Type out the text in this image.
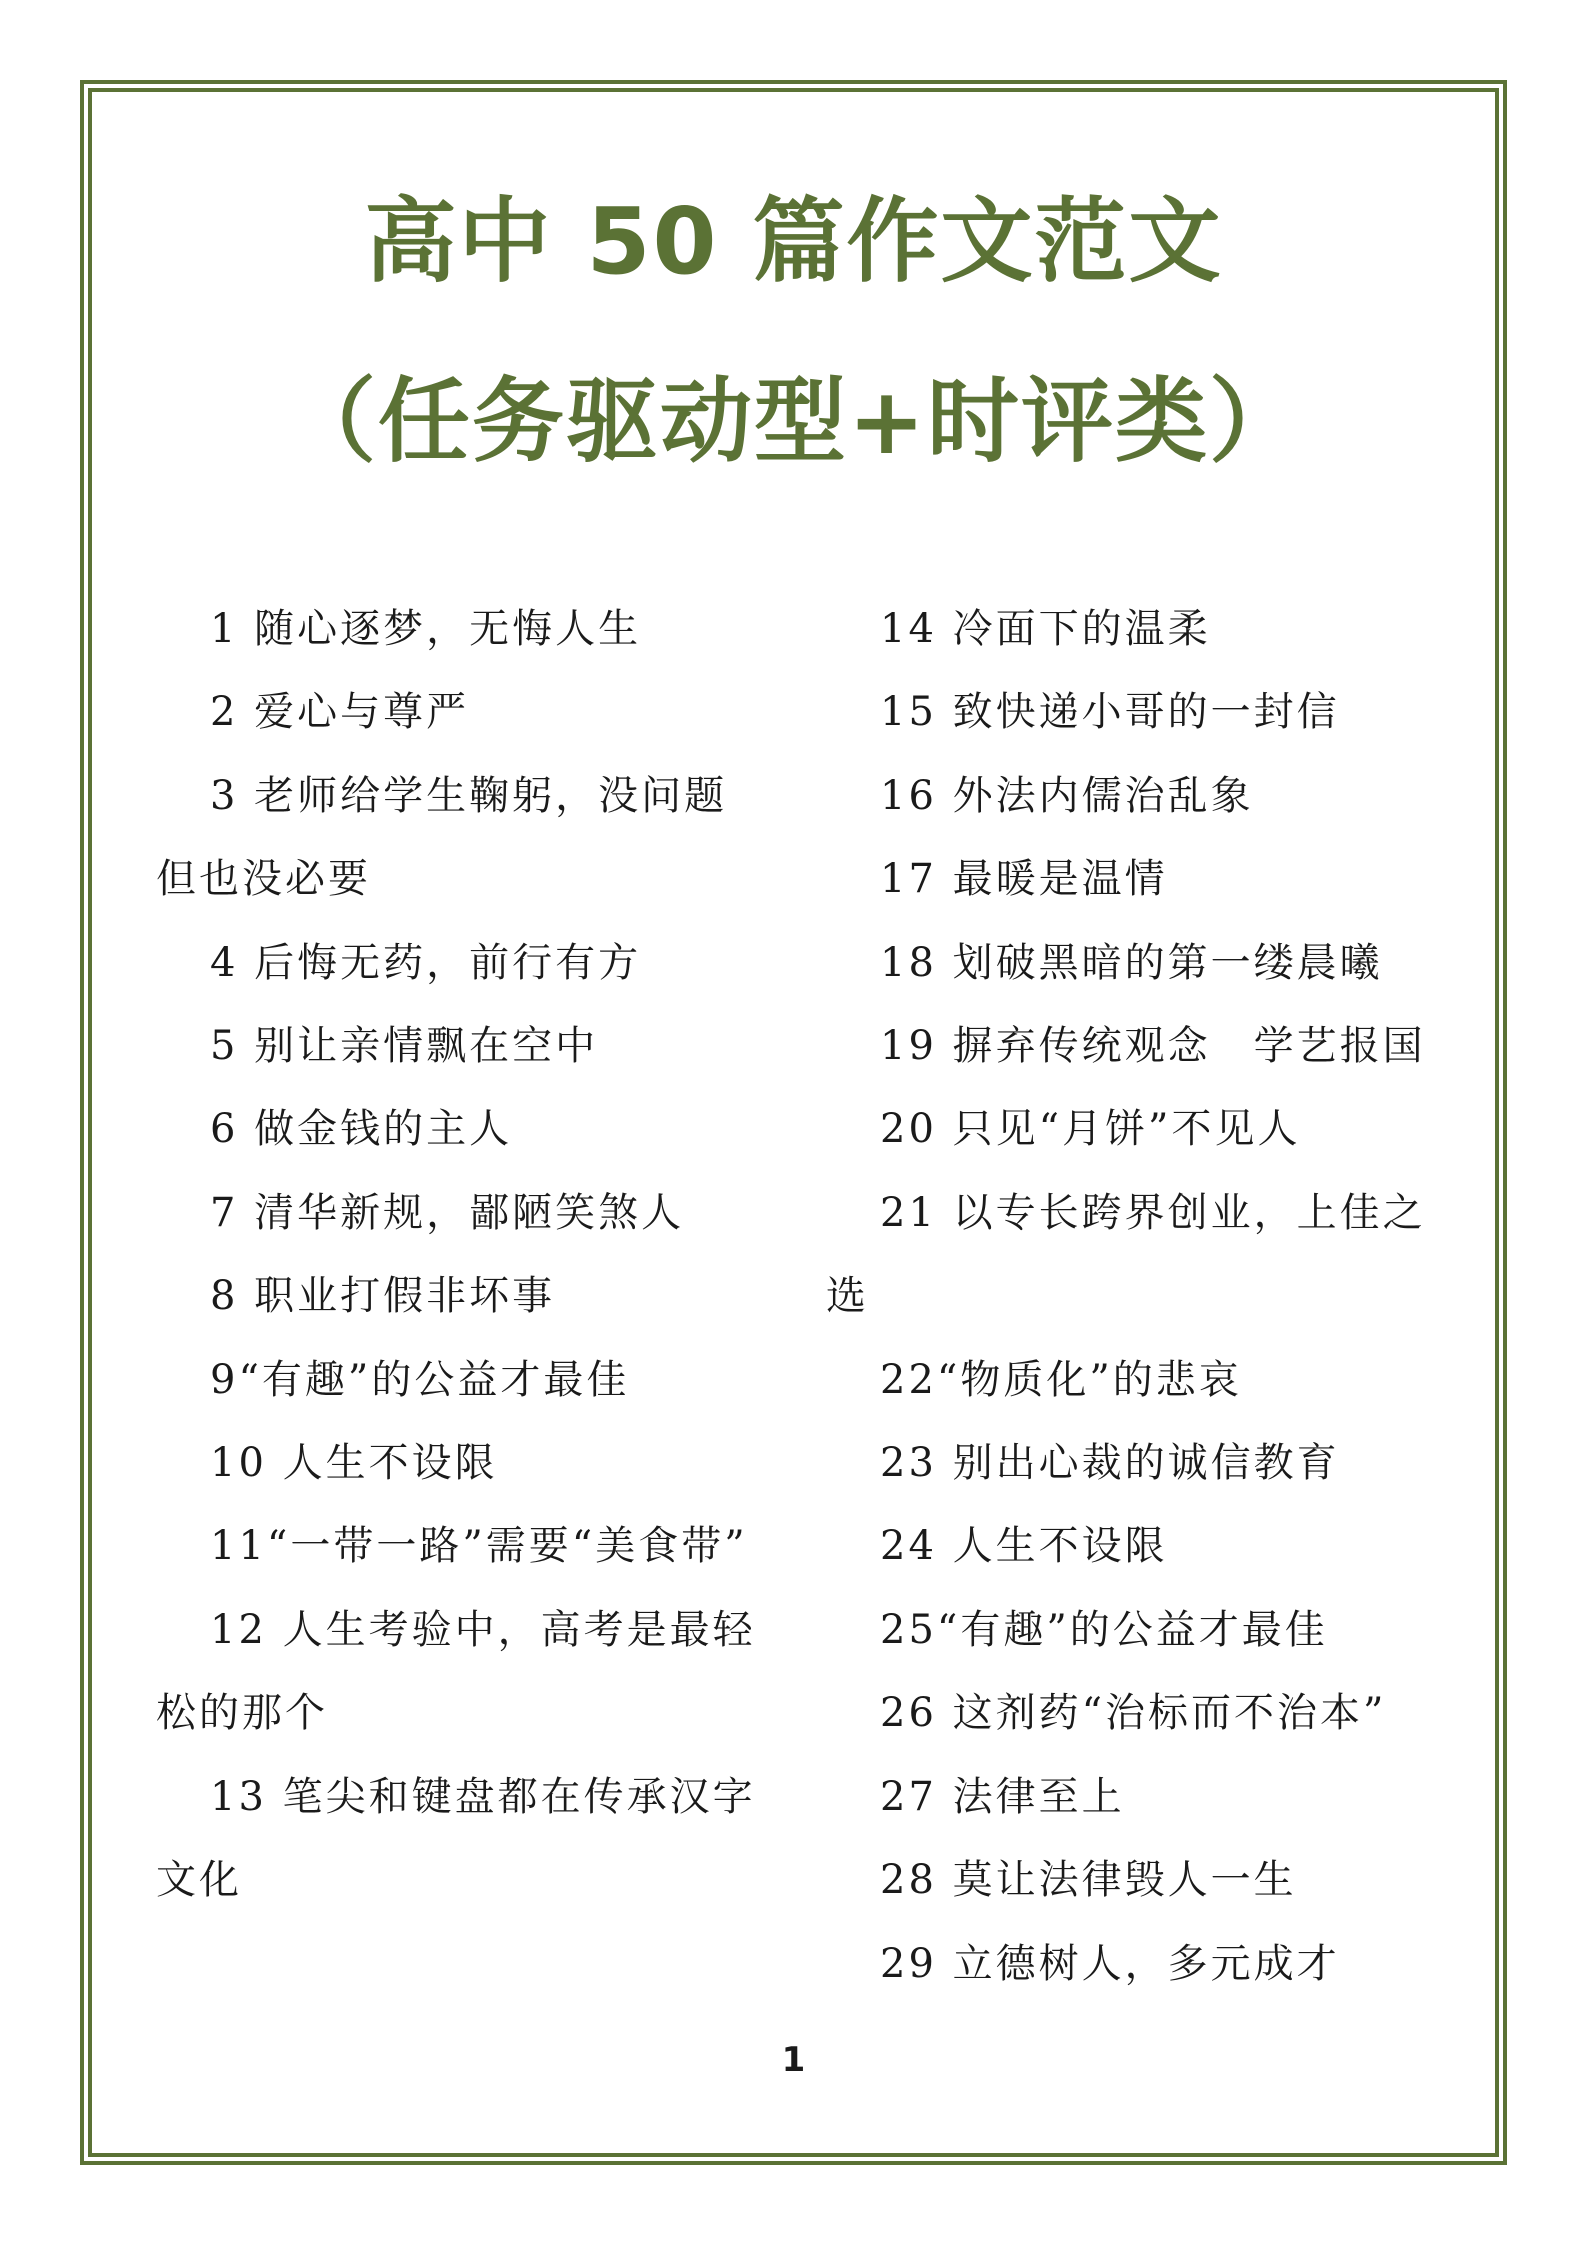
高中 50 篇作文范文
（任务驱动型+时评类）

1 随心逐梦，无悔人生

2 爱心与尊严

3 老师给学生鞠躬，没问题但也没必要

4 后悔无药，前行有方

5 别让亲情飘在空中

6 做金钱的主人

7 清华新规，鄙陋笑煞人

8 职业打假非坏事

9“有趣”的公益才最佳

10 人生不设限

11“一带一路”需要“美食带”

12 人生考验中，高考是最轻松的那个

13 笔尖和键盘都在传承汉字文化

14 冷面下的温柔

15 致快递小哥的一封信

16 外法内儒治乱象

17 最暖是温情

18 划破黑暗的第一缕晨曦

19 摒弃传统观念　学艺报国

20 只见“月饼”不见人

21 以专长跨界创业，上佳之选

22“物质化”的悲哀

23 别出心裁的诚信教育

24 人生不设限

25“有趣”的公益才最佳

26 这剂药“治标而不治本”

27 法律至上

28 莫让法律毁人一生

29 立德树人，多元成才

1
